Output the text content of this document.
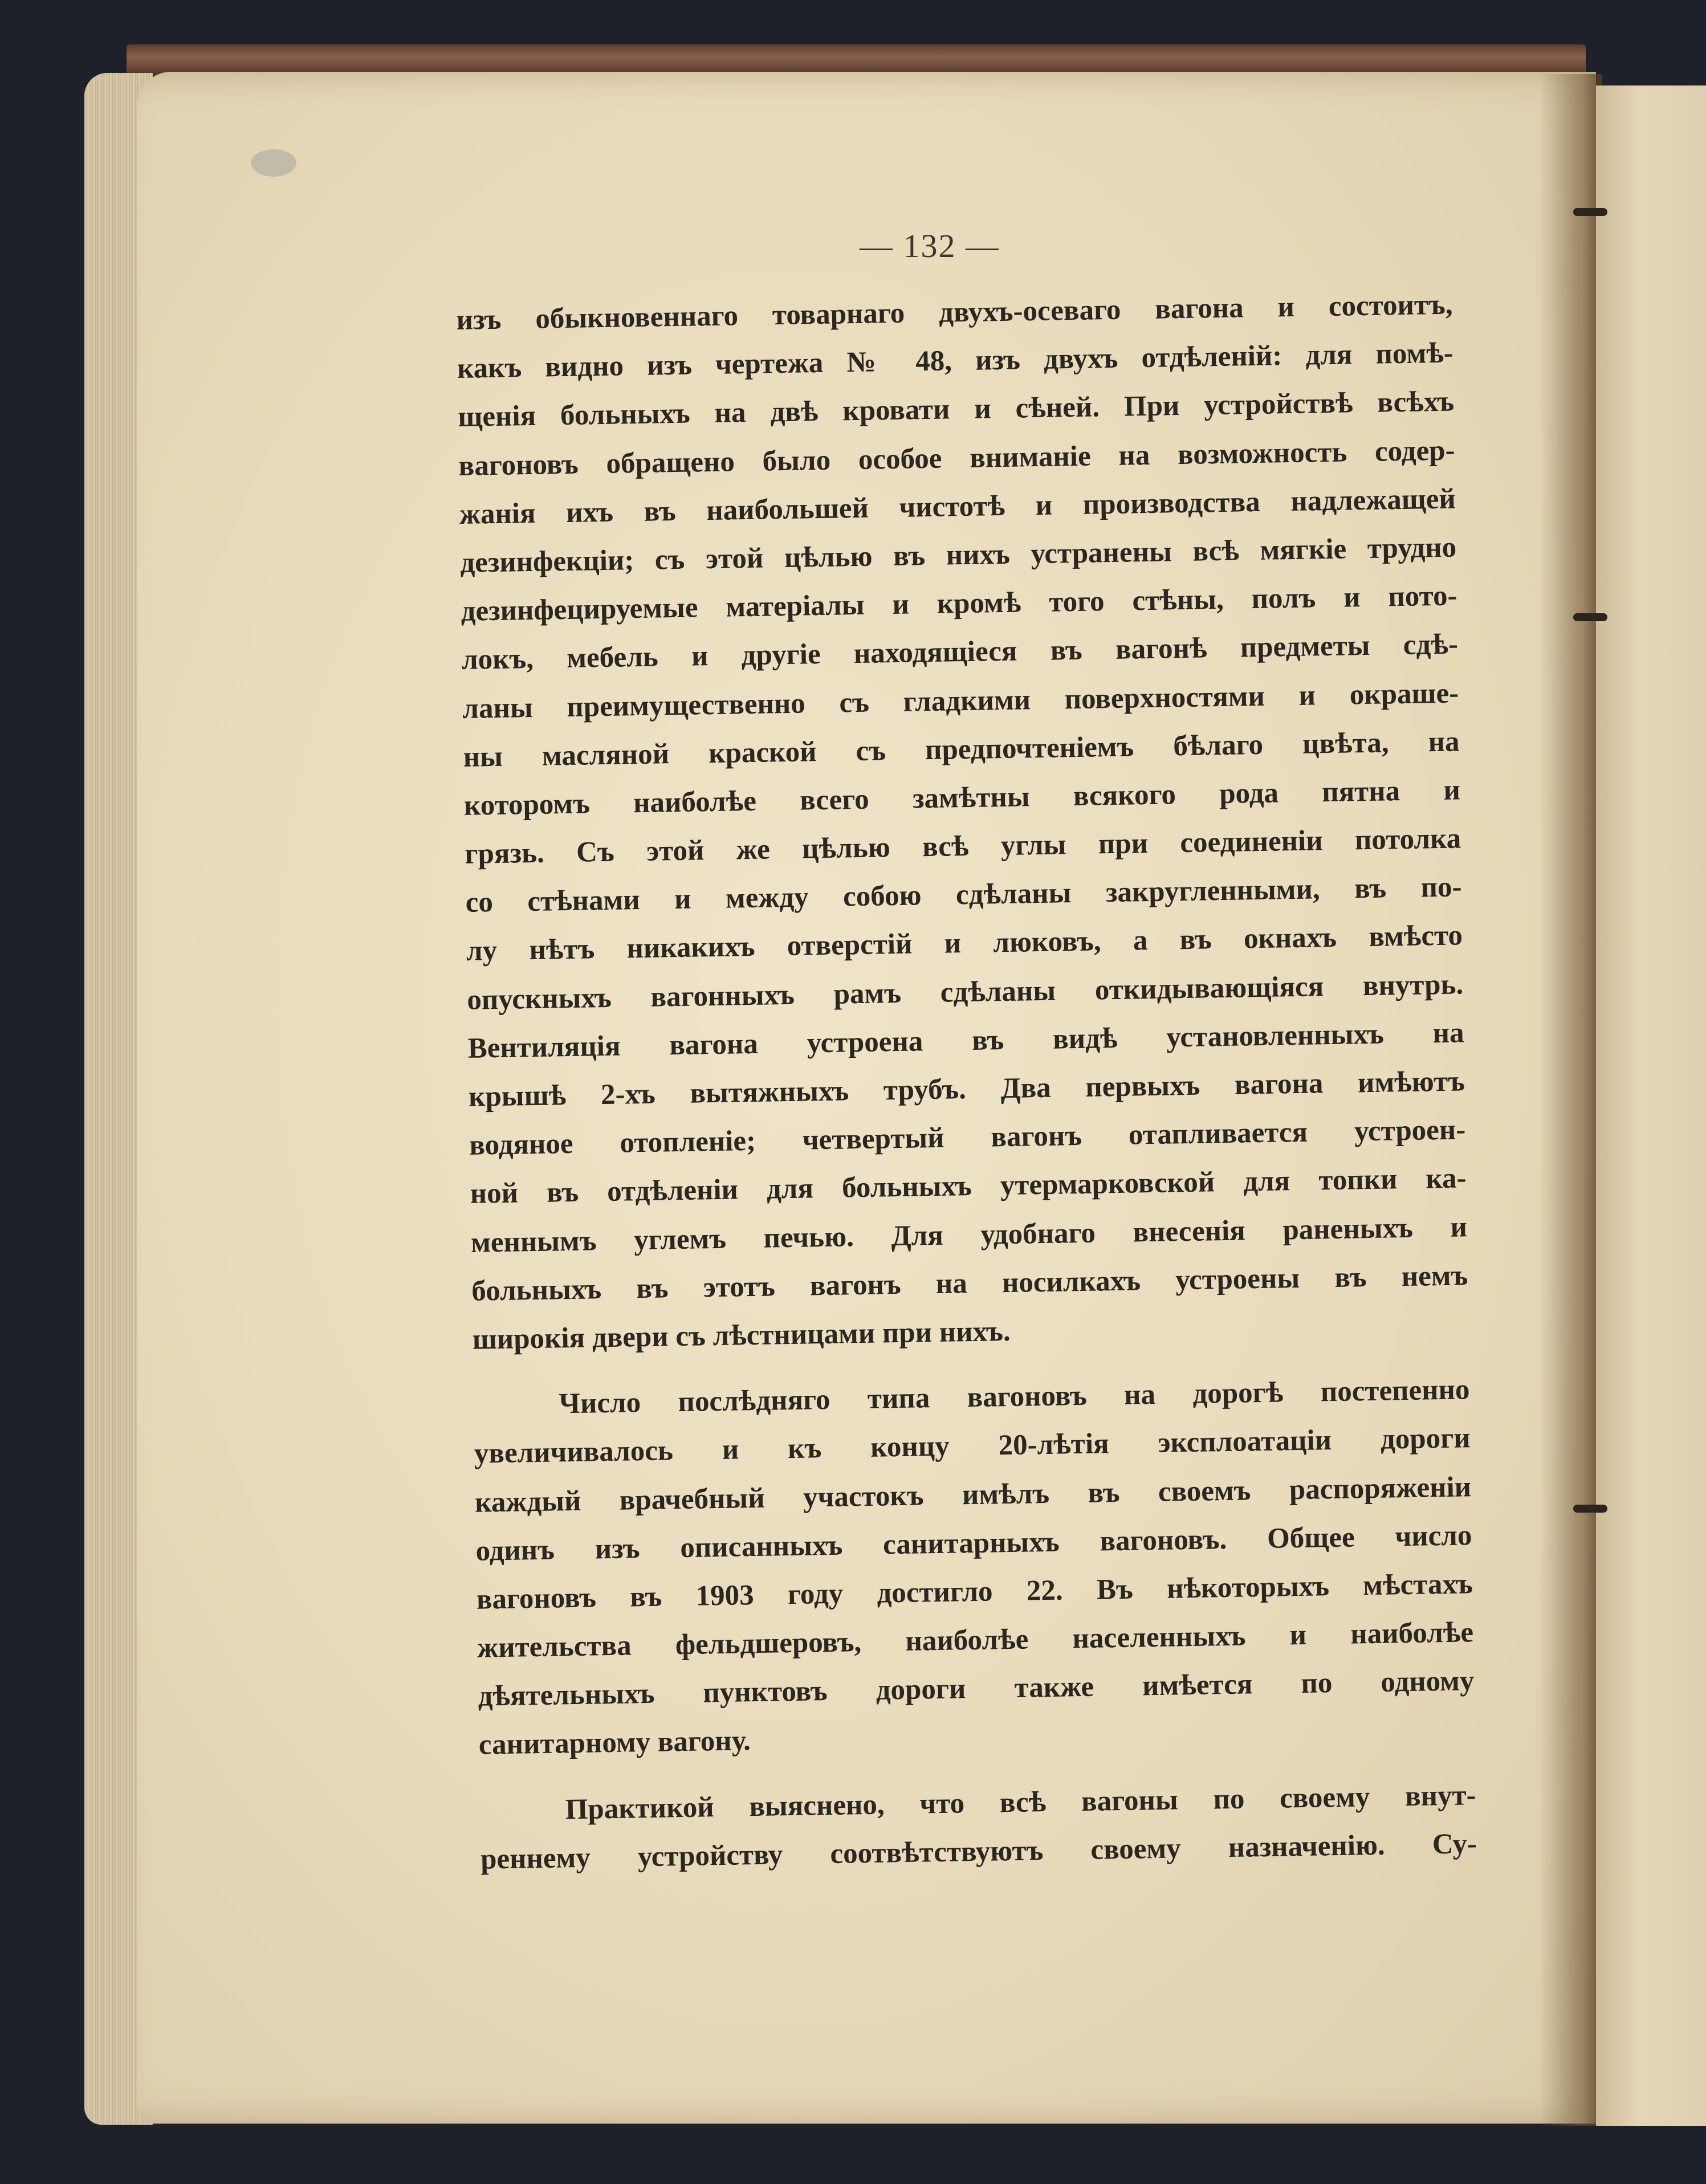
— 132 —
изъ обыкновеннаго товарнаго двухъ-осеваго вагона и состоитъ,
какъ видно изъ чертежа № 48, изъ двухъ отдѣленій: для помѣ-
щенія больныхъ на двѣ кровати и сѣней. При устройствѣ всѣхъ
вагоновъ обращено было особое вниманіе на возможность содер-
жанія ихъ въ наибольшей чистотѣ и производства надлежащей
дезинфекціи; съ этой цѣлью въ нихъ устранены всѣ мягкіе трудно
дезинфецируемые матеріалы и кромѣ того стѣны, полъ и пото-
локъ, мебель и другіе находящіеся въ вагонѣ предметы сдѣ-
ланы преимущественно съ гладкими поверхностями и окраше-
ны масляной краской съ предпочтеніемъ бѣлаго цвѣта, на
которомъ наиболѣе всего замѣтны всякого рода пятна и
грязь. Съ этой же цѣлью всѣ углы при соединеніи потолка
со стѣнами и между собою сдѣланы закругленными, въ по-
лу нѣтъ никакихъ отверстій и люковъ, а въ окнахъ вмѣсто
опускныхъ вагонныхъ рамъ сдѣланы откидывающіяся внутрь.
Вентиляція вагона устроена въ видѣ установленныхъ на
крышѣ 2-хъ вытяжныхъ трубъ. Два первыхъ вагона имѣютъ
водяное отопленіе; четвертый вагонъ отапливается устроен-
ной въ отдѣленіи для больныхъ утермарковской для топки ка-
меннымъ углемъ печью. Для удобнаго внесенія раненыхъ и
больныхъ въ этотъ вагонъ на носилкахъ устроены въ немъ
широкія двери съ лѣстницами при нихъ.
Число послѣдняго типа вагоновъ на дорогѣ постепенно
увеличивалось и къ концу 20-лѣтія эксплоатаціи дороги
каждый врачебный участокъ имѣлъ въ своемъ распоряженіи
одинъ изъ описанныхъ санитарныхъ вагоновъ. Общее число
вагоновъ въ 1903 году достигло 22. Въ нѣкоторыхъ мѣстахъ
жительства фельдшеровъ, наиболѣе населенныхъ и наиболѣе
дѣятельныхъ пунктовъ дороги также имѣется по одному
санитарному вагону.
Практикой выяснено, что всѣ вагоны по своему внут-
реннему устройству соотвѣтствуютъ своему назначенію. Су-
